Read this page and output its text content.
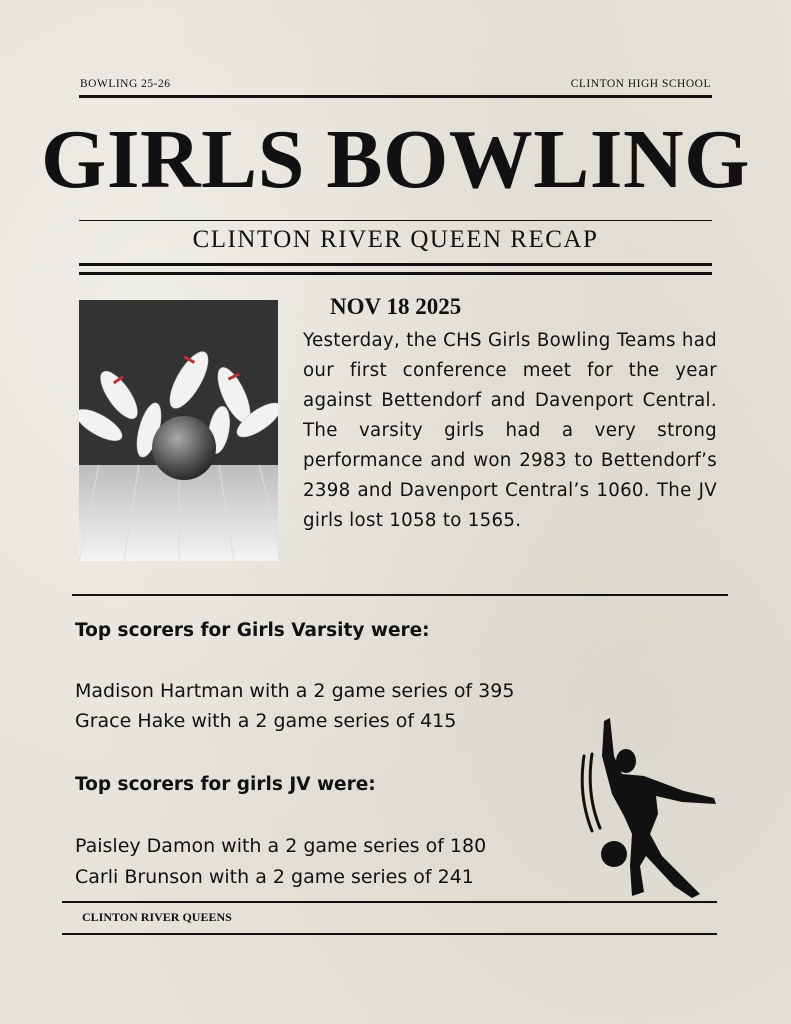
BOWLING 25-26	CLINTON HIGH SCHOOL
GIRLS BOWLING
CLINTON RIVER QUEEN RECAP
NOV 18 2025
Yesterday, the CHS Girls Bowling Teams had our first conference meet for the year against Bettendorf and Davenport Central. The varsity girls had a very strong performance and won 2983 to Bettendorf’s 2398 and Davenport Central’s 1060. The JV girls lost 1058 to 1565.
Top scorers for Girls Varsity were:
Madison Hartman with a 2 game series of 395
Grace Hake with a 2 game series of 415
Top scorers for girls JV were:
Paisley Damon with a 2 game series of 180
Carli Brunson with a 2 game series of 241
CLINTON RIVER QUEENS
